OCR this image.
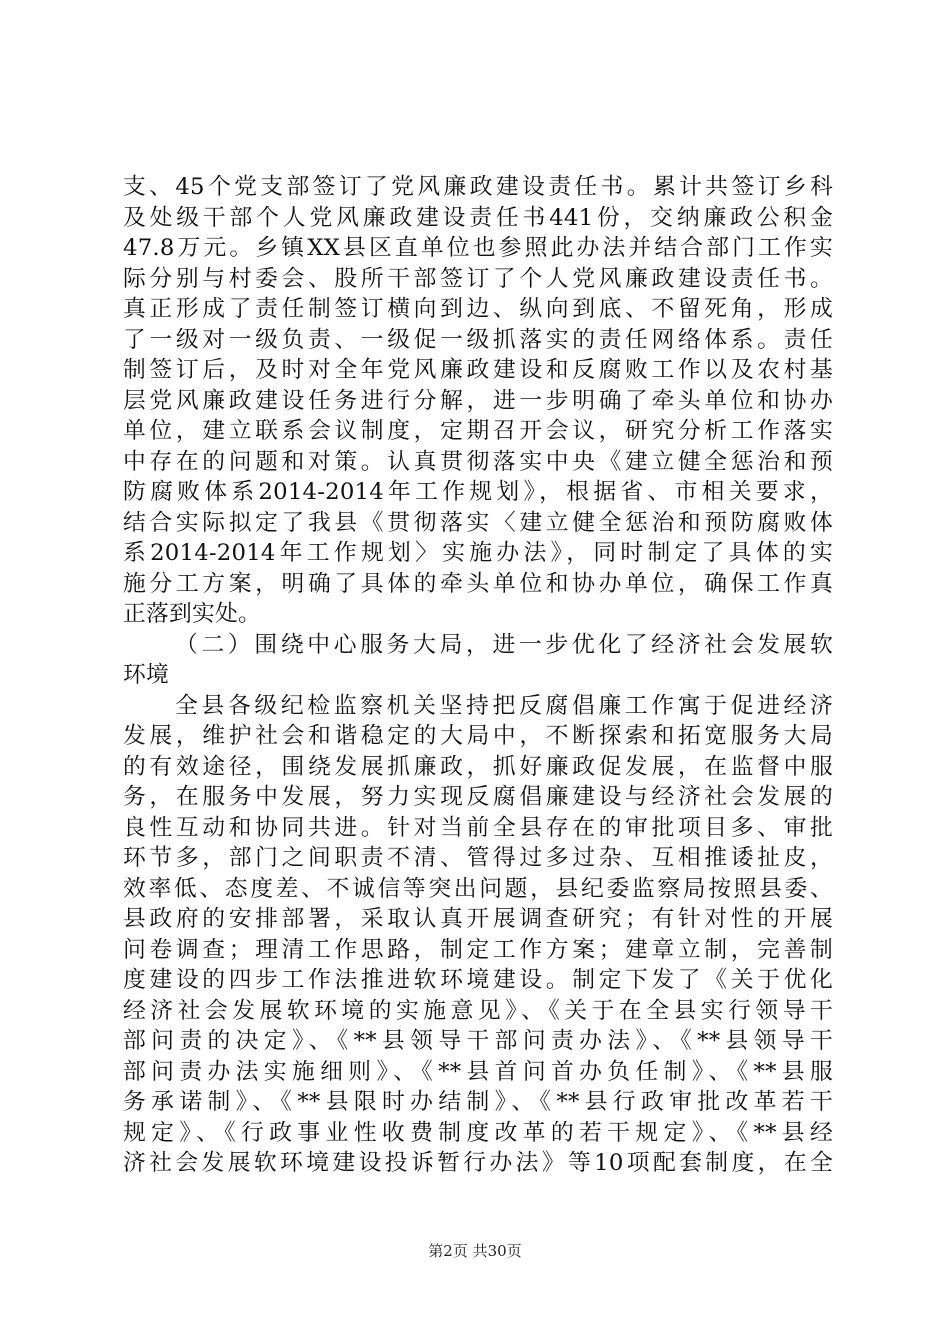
支、45个党支部签订了党风廉政建设责任书。累计共签订乡科
及处级干部个人党风廉政建设责任书441份，交纳廉政公积金
47.8万元。乡镇XX县区直单位也参照此办法并结合部门工作实
际分别与村委会、股所干部签订了个人党风廉政建设责任书。
真正形成了责任制签订横向到边、纵向到底、不留死角，形成
了一级对一级负责、一级促一级抓落实的责任网络体系。责任
制签订后，及时对全年党风廉政建设和反腐败工作以及农村基
层党风廉政建设任务进行分解，进一步明确了牵头单位和协办
单位，建立联系会议制度，定期召开会议，研究分析工作落实
中存在的问题和对策。认真贯彻落实中央《建立健全惩治和预
防腐败体系2014-2014年工作规划》，根据省、市相关要求，
结合实际拟定了我县《贯彻落实〈建立健全惩治和预防腐败体
系2014-2014年工作规划〉实施办法》，同时制定了具体的实
施分工方案，明确了具体的牵头单位和协办单位，确保工作真
正落到实处。
（二）围绕中心服务大局，进一步优化了经济社会发展软
环境
全县各级纪检监察机关坚持把反腐倡廉工作寓于促进经济
发展，维护社会和谐稳定的大局中，不断探索和拓宽服务大局
的有效途径，围绕发展抓廉政，抓好廉政促发展，在监督中服
务，在服务中发展，努力实现反腐倡廉建设与经济社会发展的
良性互动和协同共进。针对当前全县存在的审批项目多、审批
环节多，部门之间职责不清、管得过多过杂、互相推诿扯皮，
效率低、态度差、不诚信等突出问题，县纪委监察局按照县委、
县政府的安排部署，采取认真开展调查研究；有针对性的开展
问卷调查；理清工作思路，制定工作方案；建章立制，完善制
度建设的四步工作法推进软环境建设。制定下发了《关于优化
经济社会发展软环境的实施意见》、《关于在全县实行领导干
部问责的决定》、《**县领导干部问责办法》、《**县领导干
部问责办法实施细则》、《**县首问首办负任制》、《**县服
务承诺制》、《**县限时办结制》、《**县行政审批改革若干
规定》、《行政事业性收费制度改革的若干规定》、《**县经
济社会发展软环境建设投诉暂行办法》等10项配套制度，在全
第2页 共30页
